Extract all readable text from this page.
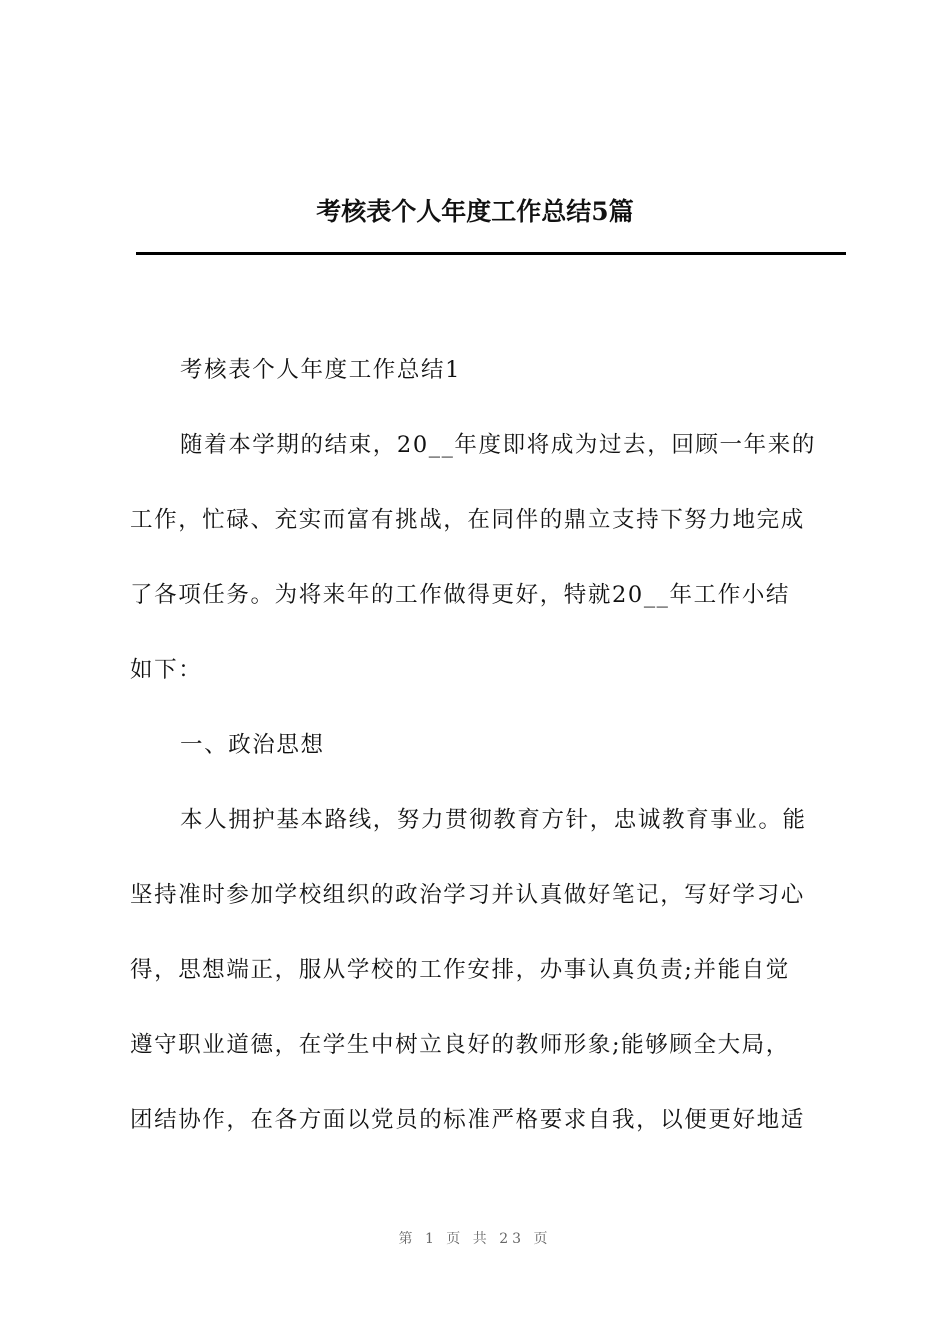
考核表个人年度工作总结5篇
考核表个人年度工作总结1
随着本学期的结束，20__年度即将成为过去，回顾一年来的
工作，忙碌、充实而富有挑战，在同伴的鼎立支持下努力地完成
了各项任务。为将来年的工作做得更好，特就20__年工作小结
如下：
一、政治思想
本人拥护基本路线，努力贯彻教育方针，忠诚教育事业。能
坚持准时参加学校组织的政治学习并认真做好笔记，写好学习心
得，思想端正，服从学校的工作安排，办事认真负责;并能自觉
遵守职业道德，在学生中树立良好的教师形象;能够顾全大局，
团结协作，在各方面以党员的标准严格要求自我，以便更好地适
第 1 页 共 23 页
